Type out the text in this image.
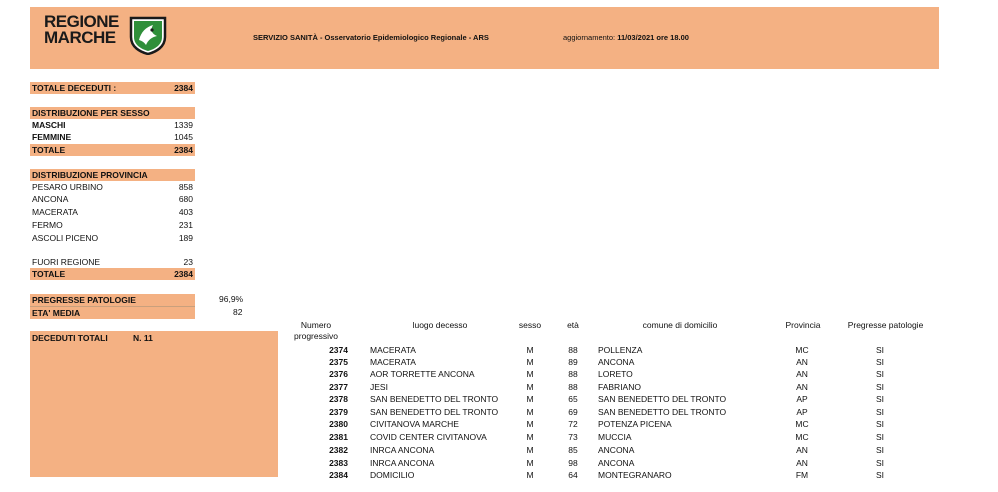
REGIONE
MARCHE	SERVIZIO SANITÀ - Osservatorio Epidemiologico Regionale - ARS	aggiornamento: 11/03/2021 ore 18.00
TOTALE DECEDUTI :	2384
DISTRIBUZIONE PER SESSO
MASCHI	1339
FEMMINE	1045
TOTALE	2384
DISTRIBUZIONE PROVINCIA
PESARO URBINO	858
ANCONA	680
MACERATA	403
FERMO	231
ASCOLI PICENO	189
FUORI REGIONE	23
TOTALE	2384
PREGRESSE PATOLOGIE	96,9%
ETA' MEDIA	82
DECEDUTI TOTALI	N. 11
Numero
progressivo
luogo decesso	sesso	età	comune di domicilio	Provincia	Pregresse patologie
2374	MACERATA	M	88	POLLENZA	MC	SI
2375	MACERATA	M	89	ANCONA	AN	SI
2376	AOR TORRETTE ANCONA	M	88	LORETO	AN	SI
2377	JESI	M	88	FABRIANO	AN	SI
2378	SAN BENEDETTO DEL TRONTO	M	65	SAN BENEDETTO DEL TRONTO	AP	SI
2379	SAN BENEDETTO DEL TRONTO	M	69	SAN BENEDETTO DEL TRONTO	AP	SI
2380	CIVITANOVA MARCHE	M	72	POTENZA PICENA	MC	SI
2381	COVID CENTER CIVITANOVA	M	73	MUCCIA	MC	SI
2382	INRCA ANCONA	M	85	ANCONA	AN	SI
2383	INRCA ANCONA	M	98	ANCONA	AN	SI
2384	DOMICILIO	M	64	MONTEGRANARO	FM	SI
